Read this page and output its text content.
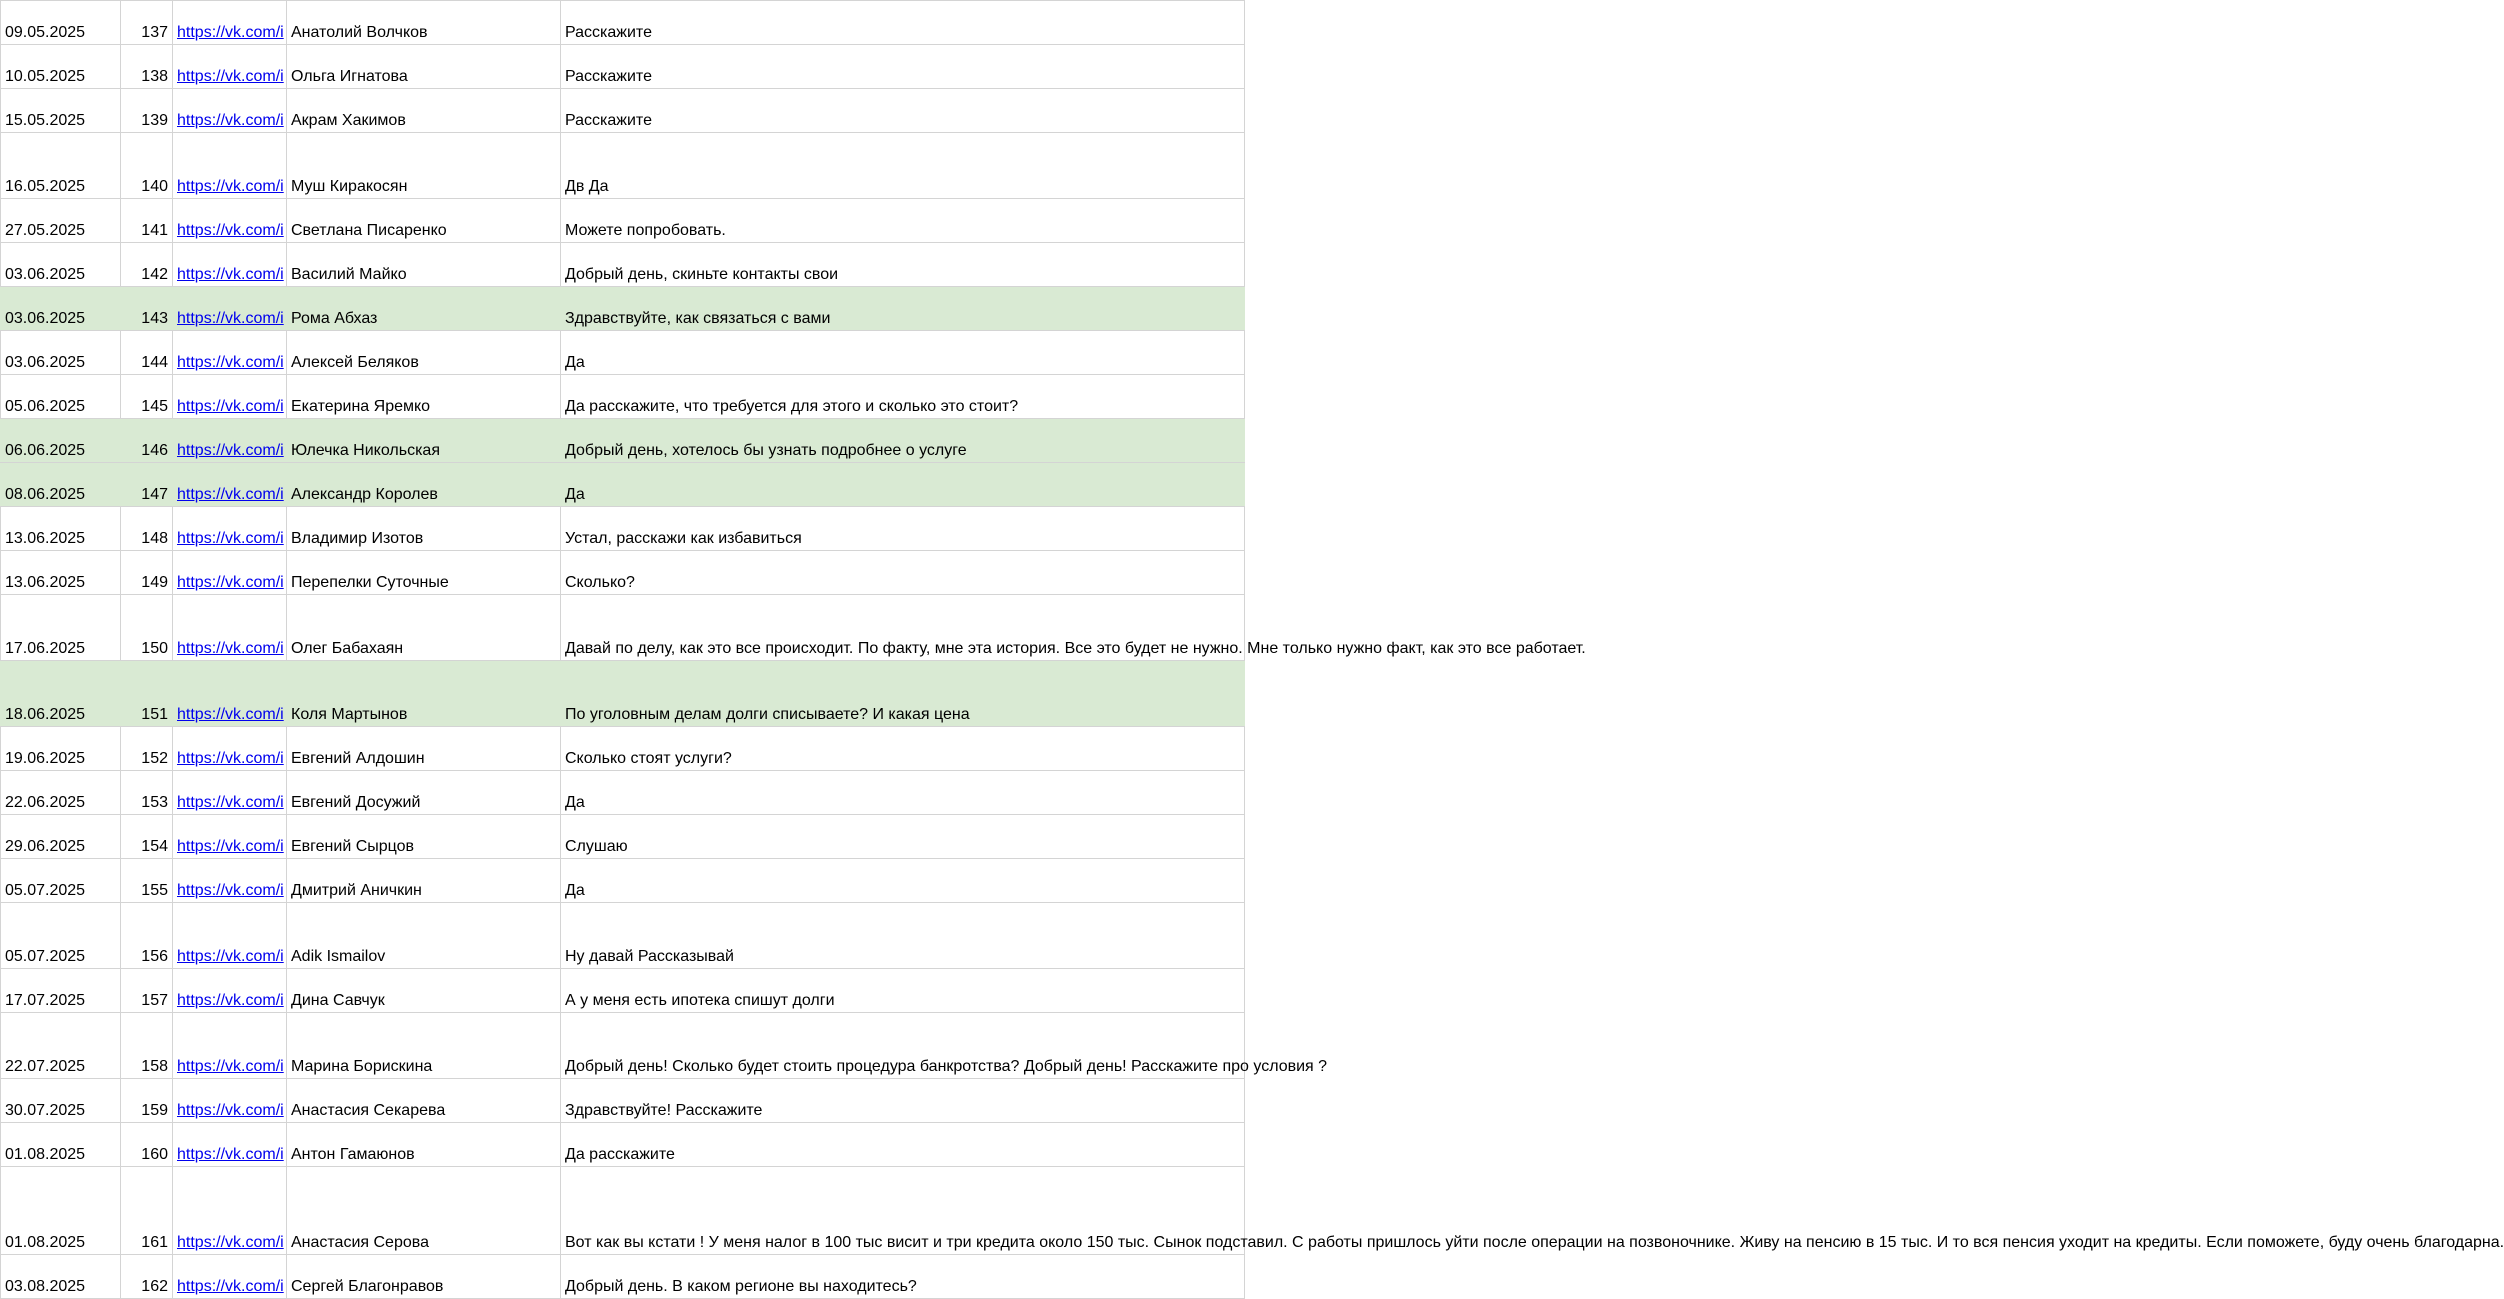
09.05.2025	137	https://vk.com/i	Анатолий Волчков	Расскажите
10.05.2025	138	https://vk.com/i	Ольга Игнатова	Расскажите
15.05.2025	139	https://vk.com/i	Акрам Хакимов	Расскажите
16.05.2025	140	https://vk.com/i	Муш Киракосян	Дв Да
27.05.2025	141	https://vk.com/i	Светлана Писаренко	Можете попробовать.
03.06.2025	142	https://vk.com/i	Василий Майко	Добрый день, скиньте контакты свои
03.06.2025	143	https://vk.com/i	Рома Абхаз	Здравствуйте, как связаться с вами
03.06.2025	144	https://vk.com/i	Алексей Беляков	Да
05.06.2025	145	https://vk.com/i	Екатерина Яремко	Да расскажите, что требуется для этого и сколько это стоит?
06.06.2025	146	https://vk.com/i	Юлечка Никольская	Добрый день, хотелось бы узнать подробнее о услуге
08.06.2025	147	https://vk.com/i	Александр Королев	Да
13.06.2025	148	https://vk.com/i	Владимир Изотов	Устал, расскажи как избавиться
13.06.2025	149	https://vk.com/i	Перепелки Суточные	Сколько?
17.06.2025	150	https://vk.com/i	Олег Бабахаян	Давай по делу, как это все происходит. По факту, мне эта история. Все это будет не нужно. Мне только нужно факт, как это все работает.
18.06.2025	151	https://vk.com/i	Коля Мартынов	По уголовным делам долги списываете? И какая цена
19.06.2025	152	https://vk.com/i	Евгений Алдошин	Сколько стоят услуги?
22.06.2025	153	https://vk.com/i	Евгений Досужий	Да
29.06.2025	154	https://vk.com/i	Евгений Сырцов	Слушаю
05.07.2025	155	https://vk.com/i	Дмитрий Аничкин	Да
05.07.2025	156	https://vk.com/i	Adik Ismailov	Ну давай Рассказывай
17.07.2025	157	https://vk.com/i	Дина Савчук	А у меня есть ипотека спишут долги
22.07.2025	158	https://vk.com/i	Марина Борискина	Добрый день! Сколько будет стоить процедура банкротства? Добрый день! Расскажите про условия ?
30.07.2025	159	https://vk.com/i	Анастасия Секарева	Здравствуйте! Расскажите
01.08.2025	160	https://vk.com/i	Антон Гамаюнов	Да расскажите
01.08.2025	161	https://vk.com/i	Анастасия Серова	Вот как вы кстати ! У меня налог в 100 тыс висит и три кредита около 150 тыс. Сынок подставил. С работы пришлось уйти после операции на позвоночнике. Живу на пенсию в 15 тыс. И то вся пенсия уходит на кредиты. Если поможете, буду очень благодарна.
03.08.2025	162	https://vk.com/i	Сергей Благонравов	Добрый день. В каком регионе вы находитесь?
